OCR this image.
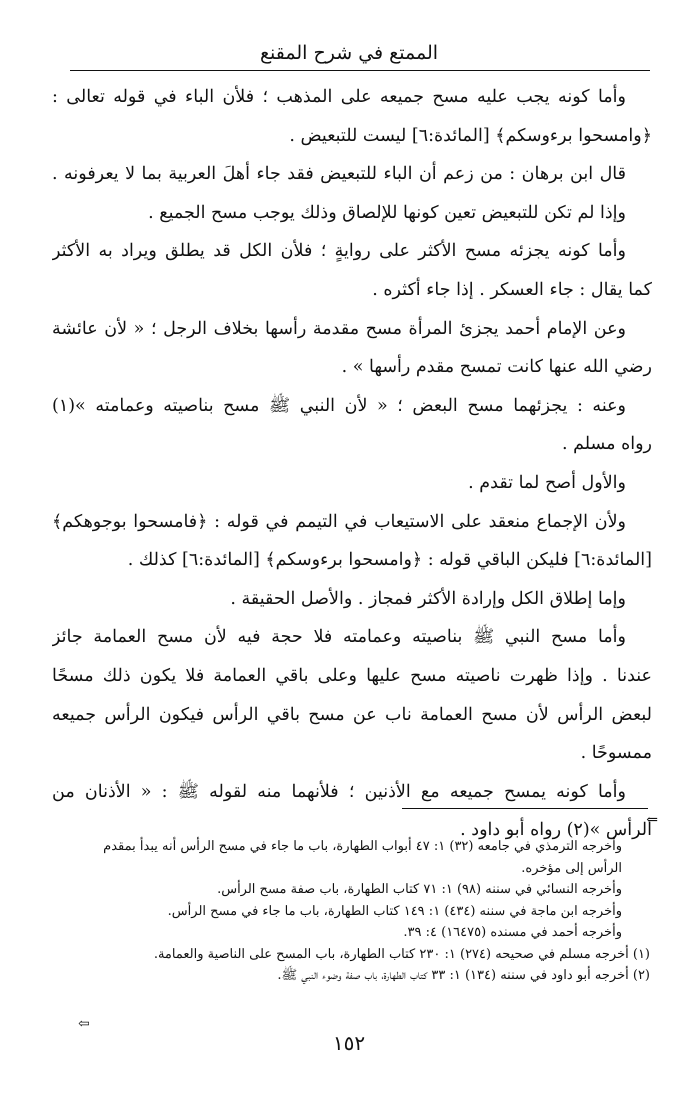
الممتع في شرح المقنع
وأما كونه يجب عليه مسح جميعه على المذهب ؛ فلأن الباء في قوله تعالى :
﴿وامسحوا برءوسكم﴾ [المائدة:٦] ليست للتبعيض .
قال ابن برهان : من زعم أن الباء للتبعيض فقد جاء أهلَ العربية بما لا يعرفونه .
وإذا لم تكن للتبعيض تعين كونها للإلصاق وذلك يوجب مسح الجميع .
وأما كونه يجزئه مسح الأكثر على روايةٍ ؛ فلأن الكل قد يطلق ويراد به الأكثر
كما يقال : جاء العسكر . إذا جاء أكثره .
وعن الإمام أحمد يجزئ المرأة مسح مقدمة رأسها بخلاف الرجل ؛ « لأن عائشة
رضي الله عنها كانت تمسح مقدم رأسها » .
وعنه : يجزئهما مسح البعض ؛ « لأن النبي ﷺ مسح بناصيته وعمامته »(١)
رواه مسلم .
والأول أصح لما تقدم .
ولأن الإجماع منعقد على الاستيعاب في التيمم في قوله : ﴿فامسحوا بوجوهكم﴾
[المائدة:٦] فليكن الباقي قوله : ﴿وامسحوا برءوسكم﴾ [المائدة:٦] كذلك .
وإما إطلاق الكل وإرادة الأكثر فمجاز . والأصل الحقيقة .
وأما مسح النبي ﷺ بناصيته وعمامته فلا حجة فيه لأن مسح العمامة جائز
عندنا . وإذا ظهرت ناصيته مسح عليها وعلى باقي العمامة فلا يكون ذلك مسحًا
لبعض الرأس لأن مسح العمامة ناب عن مسح باقي الرأس فيكون الرأس جميعه
ممسوحًا .
وأما كونه يمسح جميعه مع الأذنين ؛ فلأنهما منه لقوله ﷺ : « الأذنان من
الرأس »(٢) رواه أبو داود .
⇐
وأخرجه الترمذي في جامعه (٣٢) ١: ٤٧ أبواب الطهارة، باب ما جاء في مسح الرأس أنه يبدأ بمقدم
الرأس إلى مؤخره.
وأخرجه النسائي في سننه (٩٨) ١: ٧١ كتاب الطهارة، باب صفة مسح الرأس.
وأخرجه ابن ماجة في سننه (٤٣٤) ١: ١٤٩ كتاب الطهارة، باب ما جاء في مسح الرأس.
وأخرجه أحمد في مسنده (١٦٤٧٥) ٤: ٣٩.
(١) أخرجه مسلم في صحيحه (٢٧٤) ١: ٢٣٠ كتاب الطهارة، باب المسح على الناصية والعمامة.
(٢) أخرجه أبو داود في سننه (١٣٤) ١: ٣٣ كتاب الطهارة، باب صفة وضوء النبي ﷺ.
⇦
١٥٢
